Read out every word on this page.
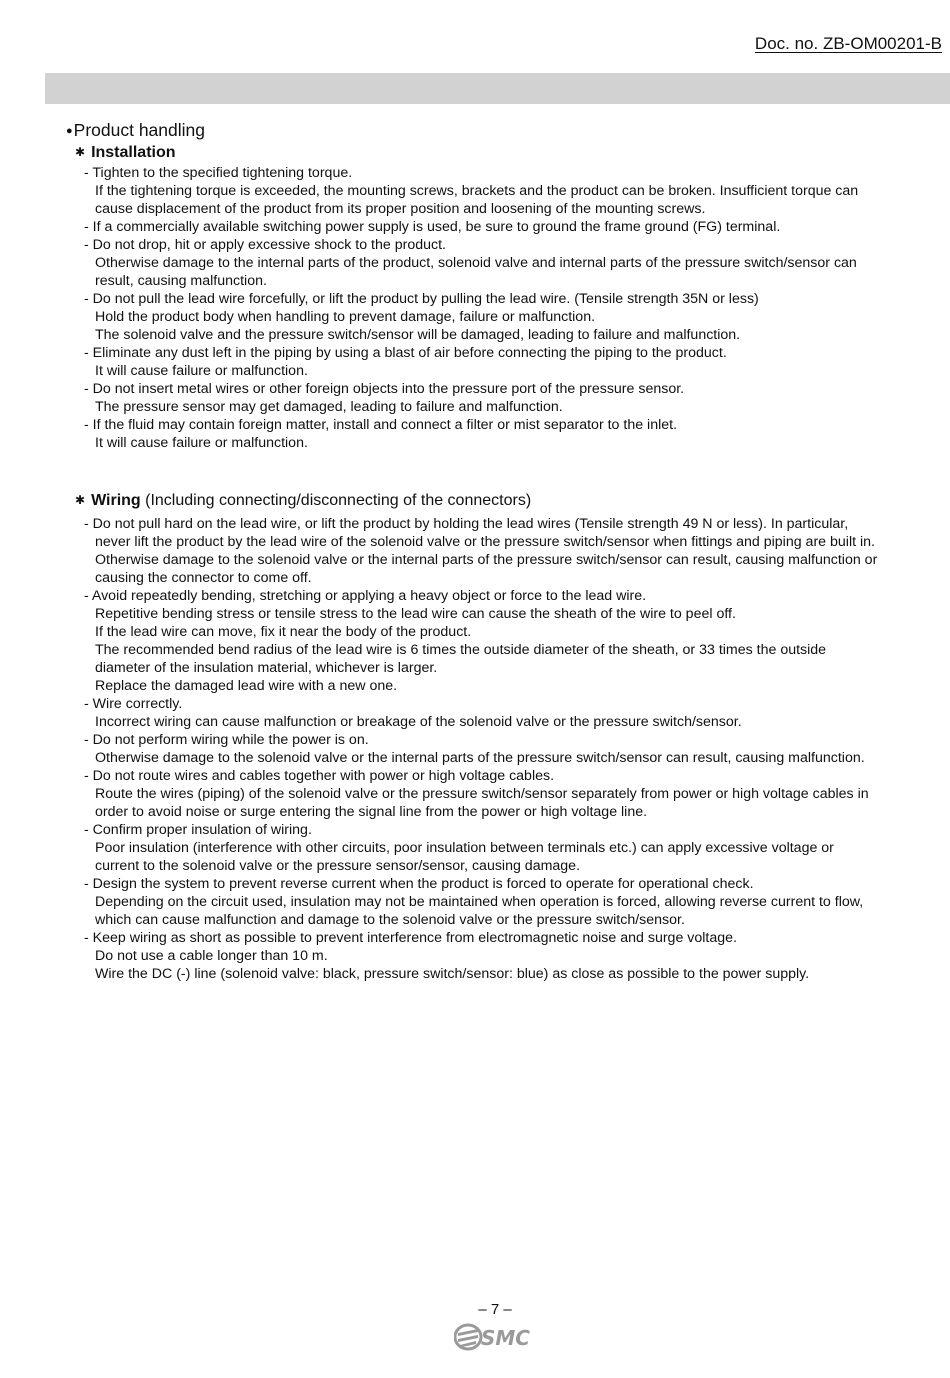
Doc. no. ZB-OM00201-B
●Product handling
✱ Installation
- Tighten to the specified tightening torque.
If the tightening torque is exceeded, the mounting screws, brackets and the product can be broken. Insufficient torque can
cause displacement of the product from its proper position and loosening of the mounting screws.
- If a commercially available switching power supply is used, be sure to ground the frame ground (FG) terminal.
- Do not drop, hit or apply excessive shock to the product.
Otherwise damage to the internal parts of the product, solenoid valve and internal parts of the pressure switch/sensor can
result, causing malfunction.
- Do not pull the lead wire forcefully, or lift the product by pulling the lead wire. (Tensile strength 35N or less)
Hold the product body when handling to prevent damage, failure or malfunction.
The solenoid valve and the pressure switch/sensor will be damaged, leading to failure and malfunction.
- Eliminate any dust left in the piping by using a blast of air before connecting the piping to the product.
It will cause failure or malfunction.
- Do not insert metal wires or other foreign objects into the pressure port of the pressure sensor.
The pressure sensor may get damaged, leading to failure and malfunction.
- If the fluid may contain foreign matter, install and connect a filter or mist separator to the inlet.
It will cause failure or malfunction.
✱ Wiring (Including connecting/disconnecting of the connectors)
- Do not pull hard on the lead wire, or lift the product by holding the lead wires (Tensile strength 49 N or less). In particular,
never lift the product by the lead wire of the solenoid valve or the pressure switch/sensor when fittings and piping are built in.
Otherwise damage to the solenoid valve or the internal parts of the pressure switch/sensor can result, causing malfunction or
causing the connector to come off.
- Avoid repeatedly bending, stretching or applying a heavy object or force to the lead wire.
Repetitive bending stress or tensile stress to the lead wire can cause the sheath of the wire to peel off.
If the lead wire can move, fix it near the body of the product.
The recommended bend radius of the lead wire is 6 times the outside diameter of the sheath, or 33 times the outside
diameter of the insulation material, whichever is larger.
Replace the damaged lead wire with a new one.
- Wire correctly.
Incorrect wiring can cause malfunction or breakage of the solenoid valve or the pressure switch/sensor.
- Do not perform wiring while the power is on.
Otherwise damage to the solenoid valve or the internal parts of the pressure switch/sensor can result, causing malfunction.
- Do not route wires and cables together with power or high voltage cables.
Route the wires (piping) of the solenoid valve or the pressure switch/sensor separately from power or high voltage cables in
order to avoid noise or surge entering the signal line from the power or high voltage line.
- Confirm proper insulation of wiring.
Poor insulation (interference with other circuits, poor insulation between terminals etc.) can apply excessive voltage or
current to the solenoid valve or the pressure sensor/sensor, causing damage.
- Design the system to prevent reverse current when the product is forced to operate for operational check.
Depending on the circuit used, insulation may not be maintained when operation is forced, allowing reverse current to flow,
which can cause malfunction and damage to the solenoid valve or the pressure switch/sensor.
- Keep wiring as short as possible to prevent interference from electromagnetic noise and surge voltage.
Do not use a cable longer than 10 m.
Wire the DC (-) line (solenoid valve: black, pressure switch/sensor: blue) as close as possible to the power supply.
– 7 –
SMC
